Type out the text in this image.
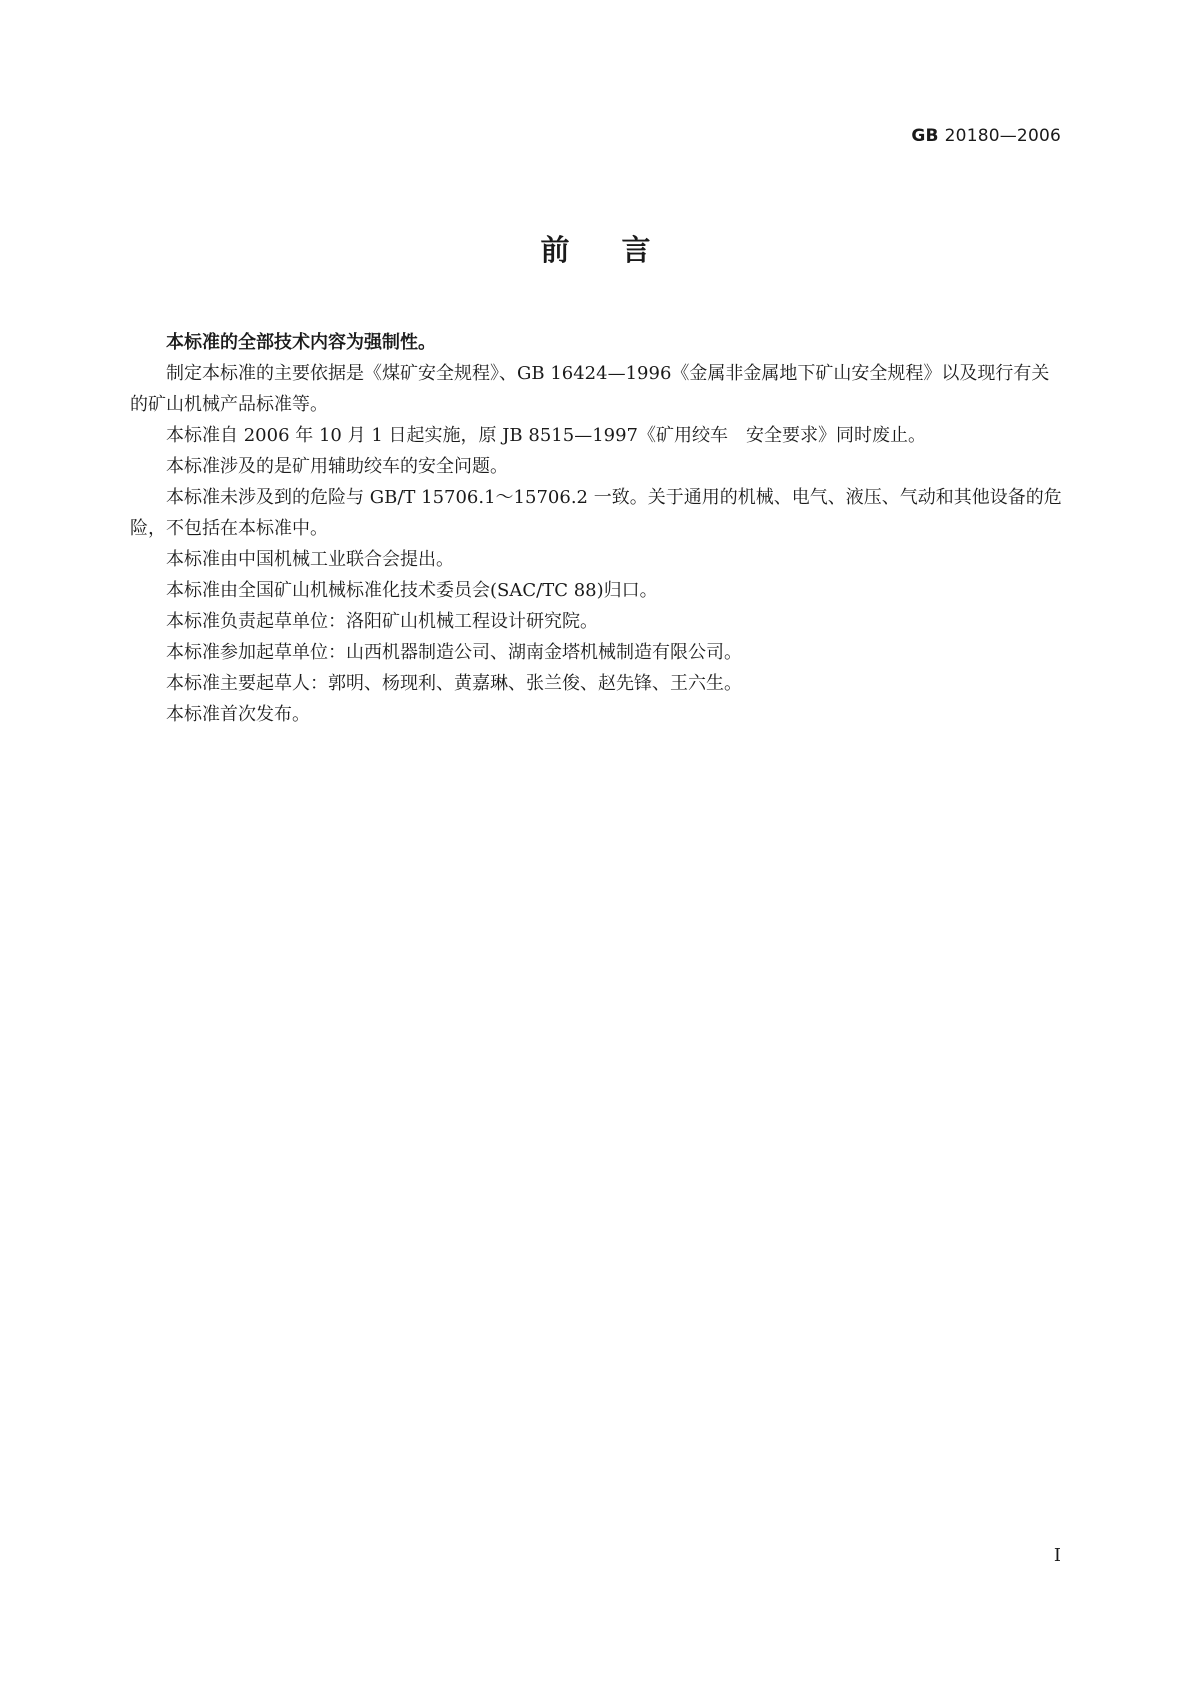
GB 20180—2006
前言

本标准的全部技术内容为强制性。

制定本标准的主要依据是《煤矿安全规程》、GB 16424—1996《金属非金属地下矿山安全规程》以及现行有关的矿山机械产品标准等。

本标准自 2006 年 10 月 1 日起实施，原 JB 8515—1997《矿用绞车　安全要求》同时废止。

本标准涉及的是矿用辅助绞车的安全问题。

本标准未涉及到的危险与 GB/T 15706.1～15706.2 一致。关于通用的机械、电气、液压、气动和其他设备的危险，不包括在本标准中。

本标准由中国机械工业联合会提出。

本标准由全国矿山机械标准化技术委员会(SAC/TC 88)归口。

本标准负责起草单位：洛阳矿山机械工程设计研究院。

本标准参加起草单位：山西机器制造公司、湖南金塔机械制造有限公司。

本标准主要起草人：郭明、杨现利、黄嘉琳、张兰俊、赵先锋、王六生。

本标准首次发布。

I
